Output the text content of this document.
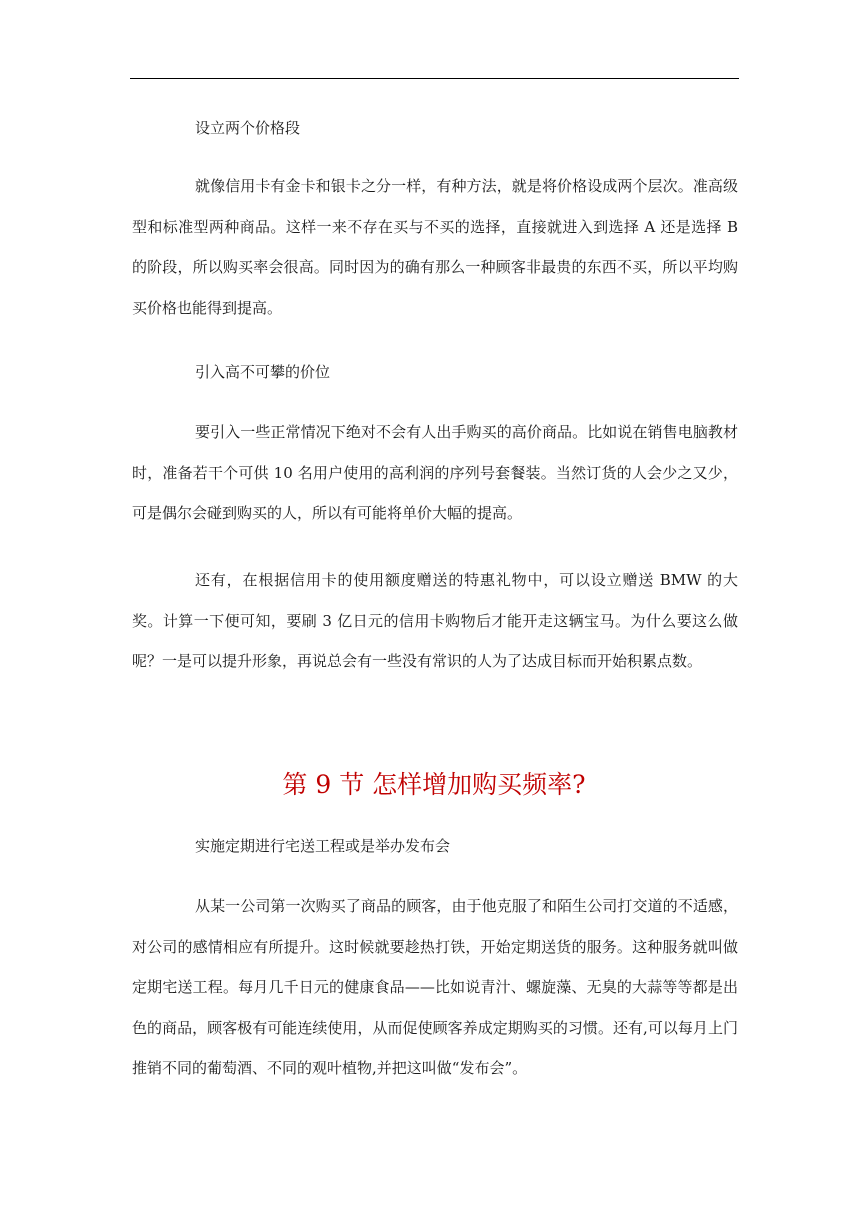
设立两个价格段

就像信用卡有金卡和银卡之分一样，有种方法，就是将价格设成两个层次。准高级型和标准型两种商品。这样一来不存在买与不买的选择，直接就进入到选择 A 还是选择 B 的阶段，所以购买率会很高。同时因为的确有那么一种顾客非最贵的东西不买，所以平均购买价格也能得到提高。

引入高不可攀的价位

要引入一些正常情况下绝对不会有人出手购买的高价商品。比如说在销售电脑教材时，准备若干个可供 10 名用户使用的高利润的序列号套餐装。当然订货的人会少之又少，可是偶尔会碰到购买的人，所以有可能将单价大幅的提高。

还有，在根据信用卡的使用额度赠送的特惠礼物中，可以设立赠送 BMW 的大奖。计算一下便可知，要刷 3 亿日元的信用卡购物后才能开走这辆宝马。为什么要这么做呢？一是可以提升形象，再说总会有一些没有常识的人为了达成目标而开始积累点数。

第 9 节 怎样增加购买频率?

实施定期进行宅送工程或是举办发布会

从某一公司第一次购买了商品的顾客，由于他克服了和陌生公司打交道的不适感，对公司的感情相应有所提升。这时候就要趁热打铁，开始定期送货的服务。这种服务就叫做定期宅送工程。每月几千日元的健康食品——比如说青汁、螺旋藻、无臭的大蒜等等都是出色的商品，顾客极有可能连续使用，从而促使顾客养成定期购买的习惯。还有,可以每月上门推销不同的葡萄酒、不同的观叶植物,并把这叫做“发布会”。
